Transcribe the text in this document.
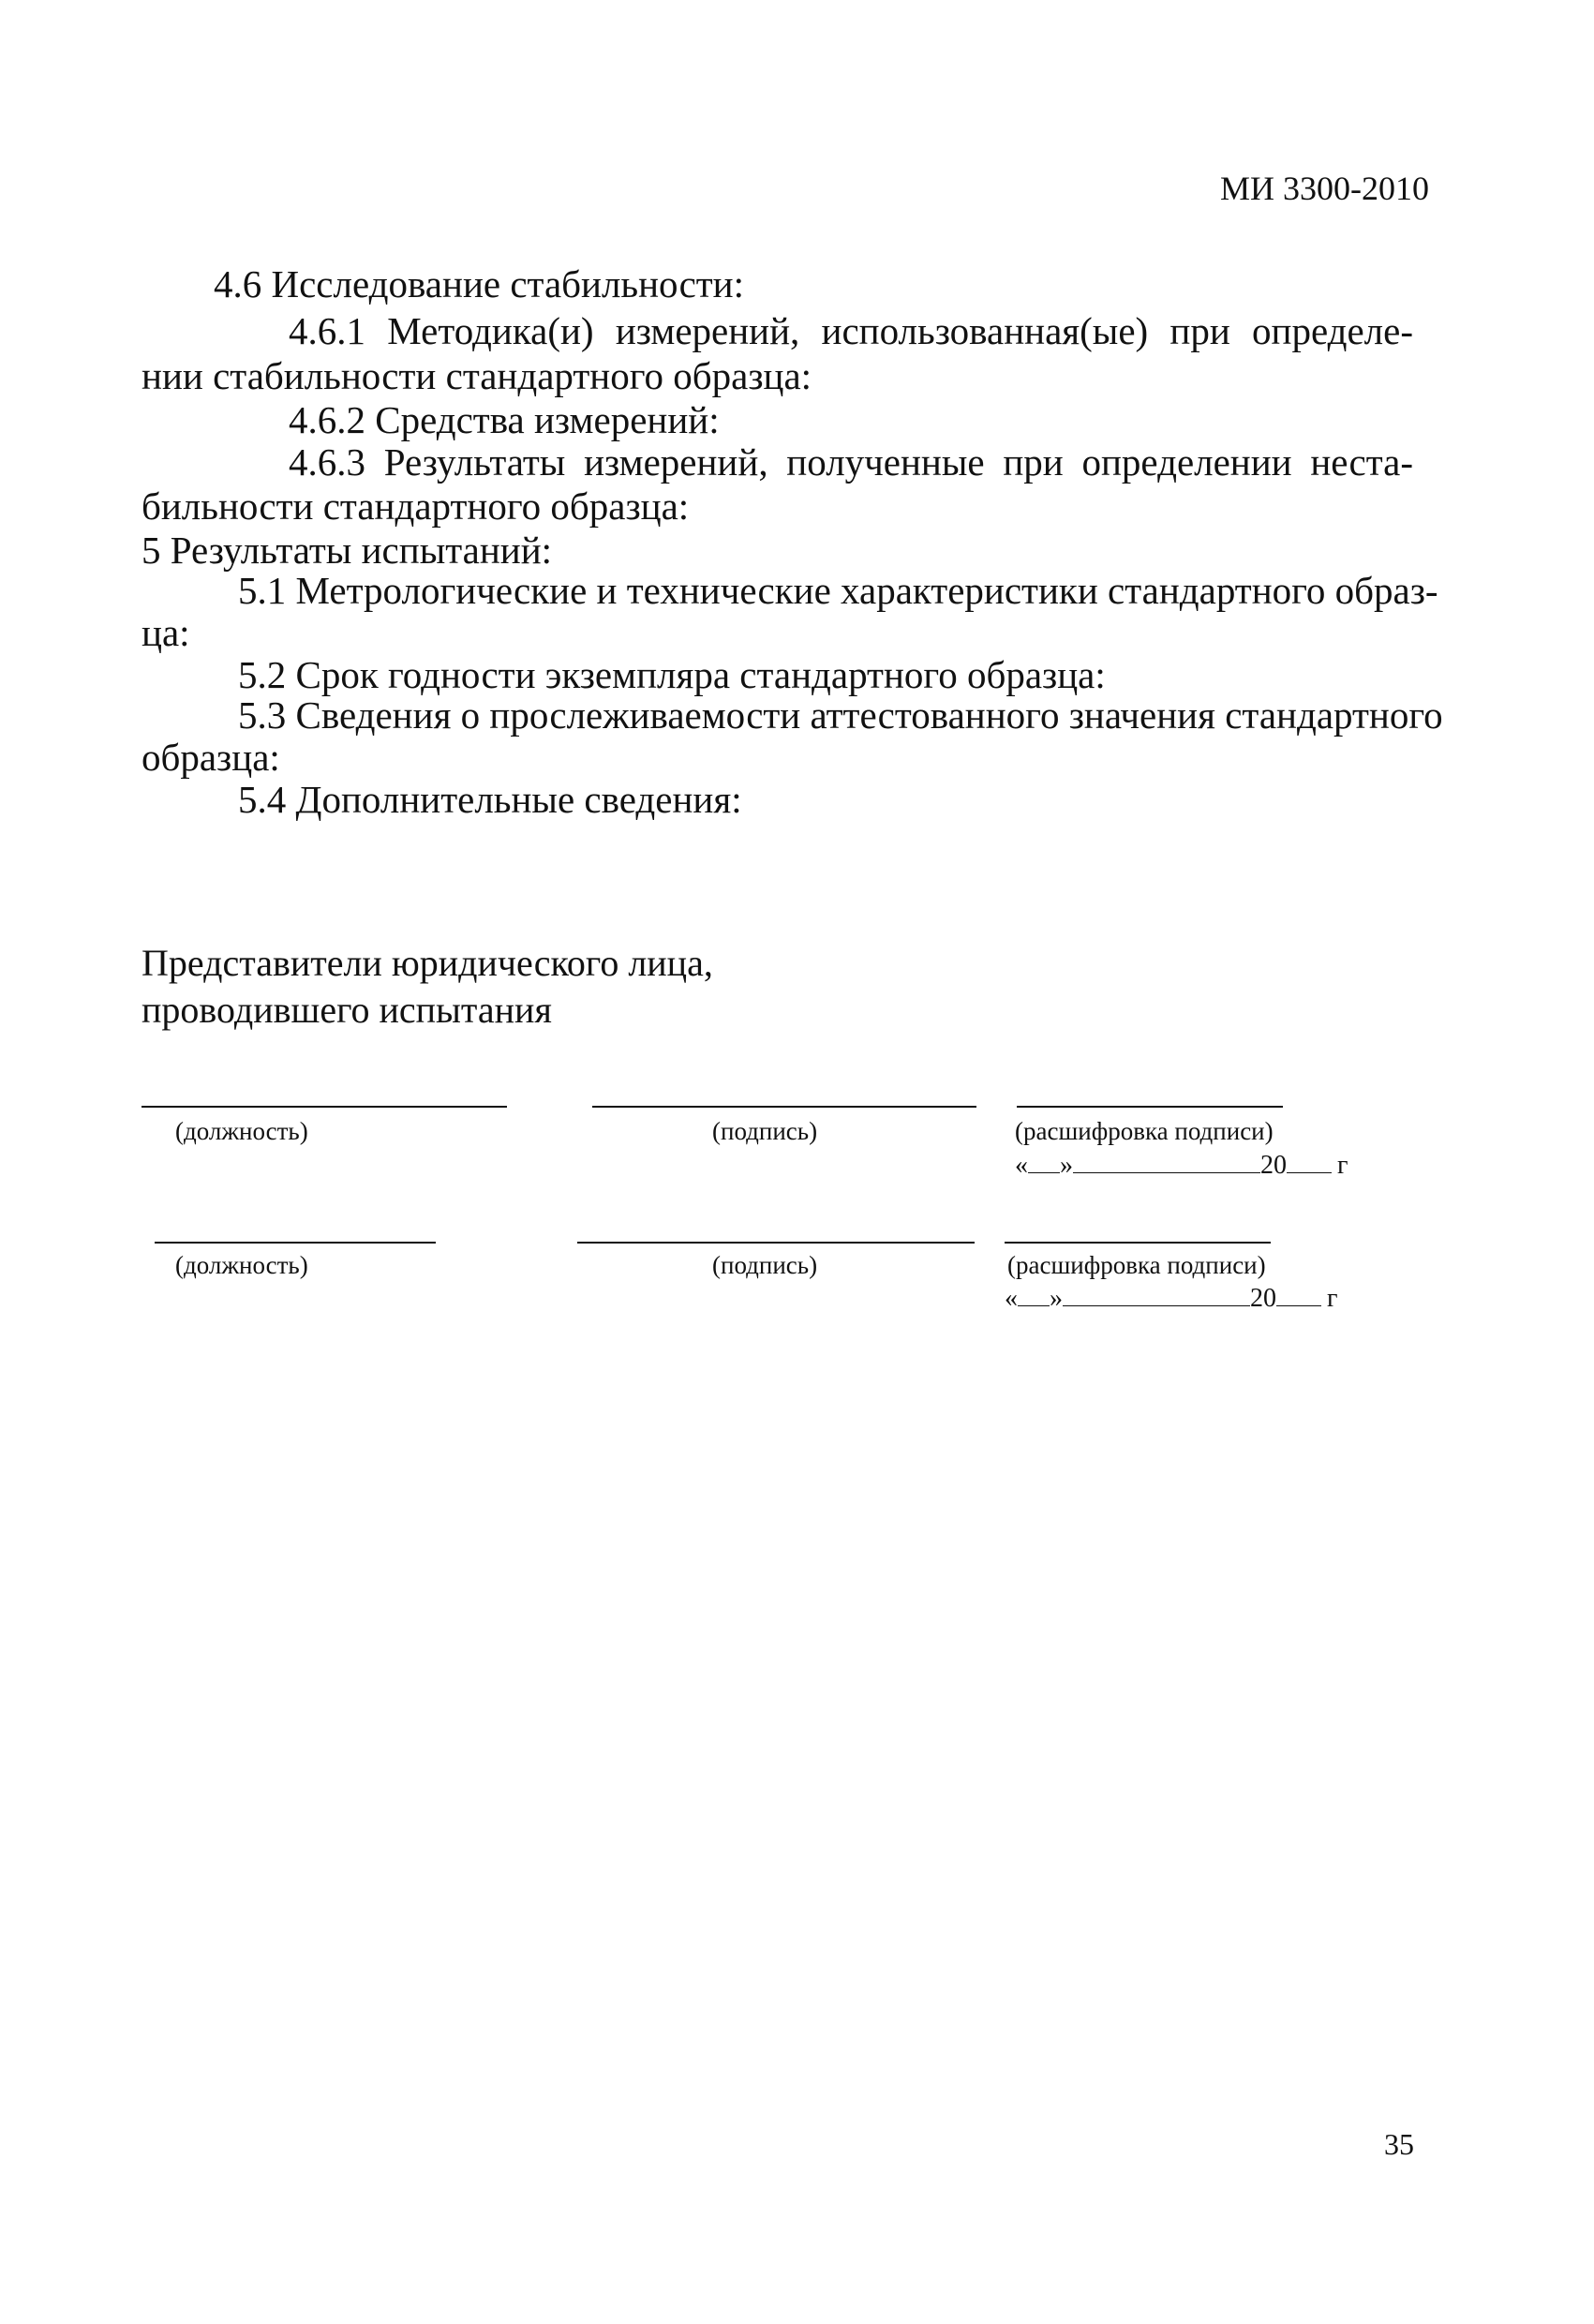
МИ 3300-2010
4.6 Исследование стабильности:
4.6.1 Методика(и) измерений, использованная(ые) при определе-
нии стабильности стандартного образца:
4.6.2 Средства измерений:
4.6.3 Результаты измерений, полученные при определении неста-
бильности стандартного образца:
5 Результаты испытаний:
5.1 Метрологические и технические характеристики стандартного образ-
ца:
5.2 Срок годности экземпляра стандартного образца:
5.3 Сведения о прослеживаемости аттестованного значения стандартного
образца:
5.4 Дополнительные сведения:
Представители юридического лица,
проводившего испытания
(должность)	(подпись)	(расшифровка подписи)
« »	20 г
(должность)	(подпись)	(расшифровка подписи)
« »	20 г
35
